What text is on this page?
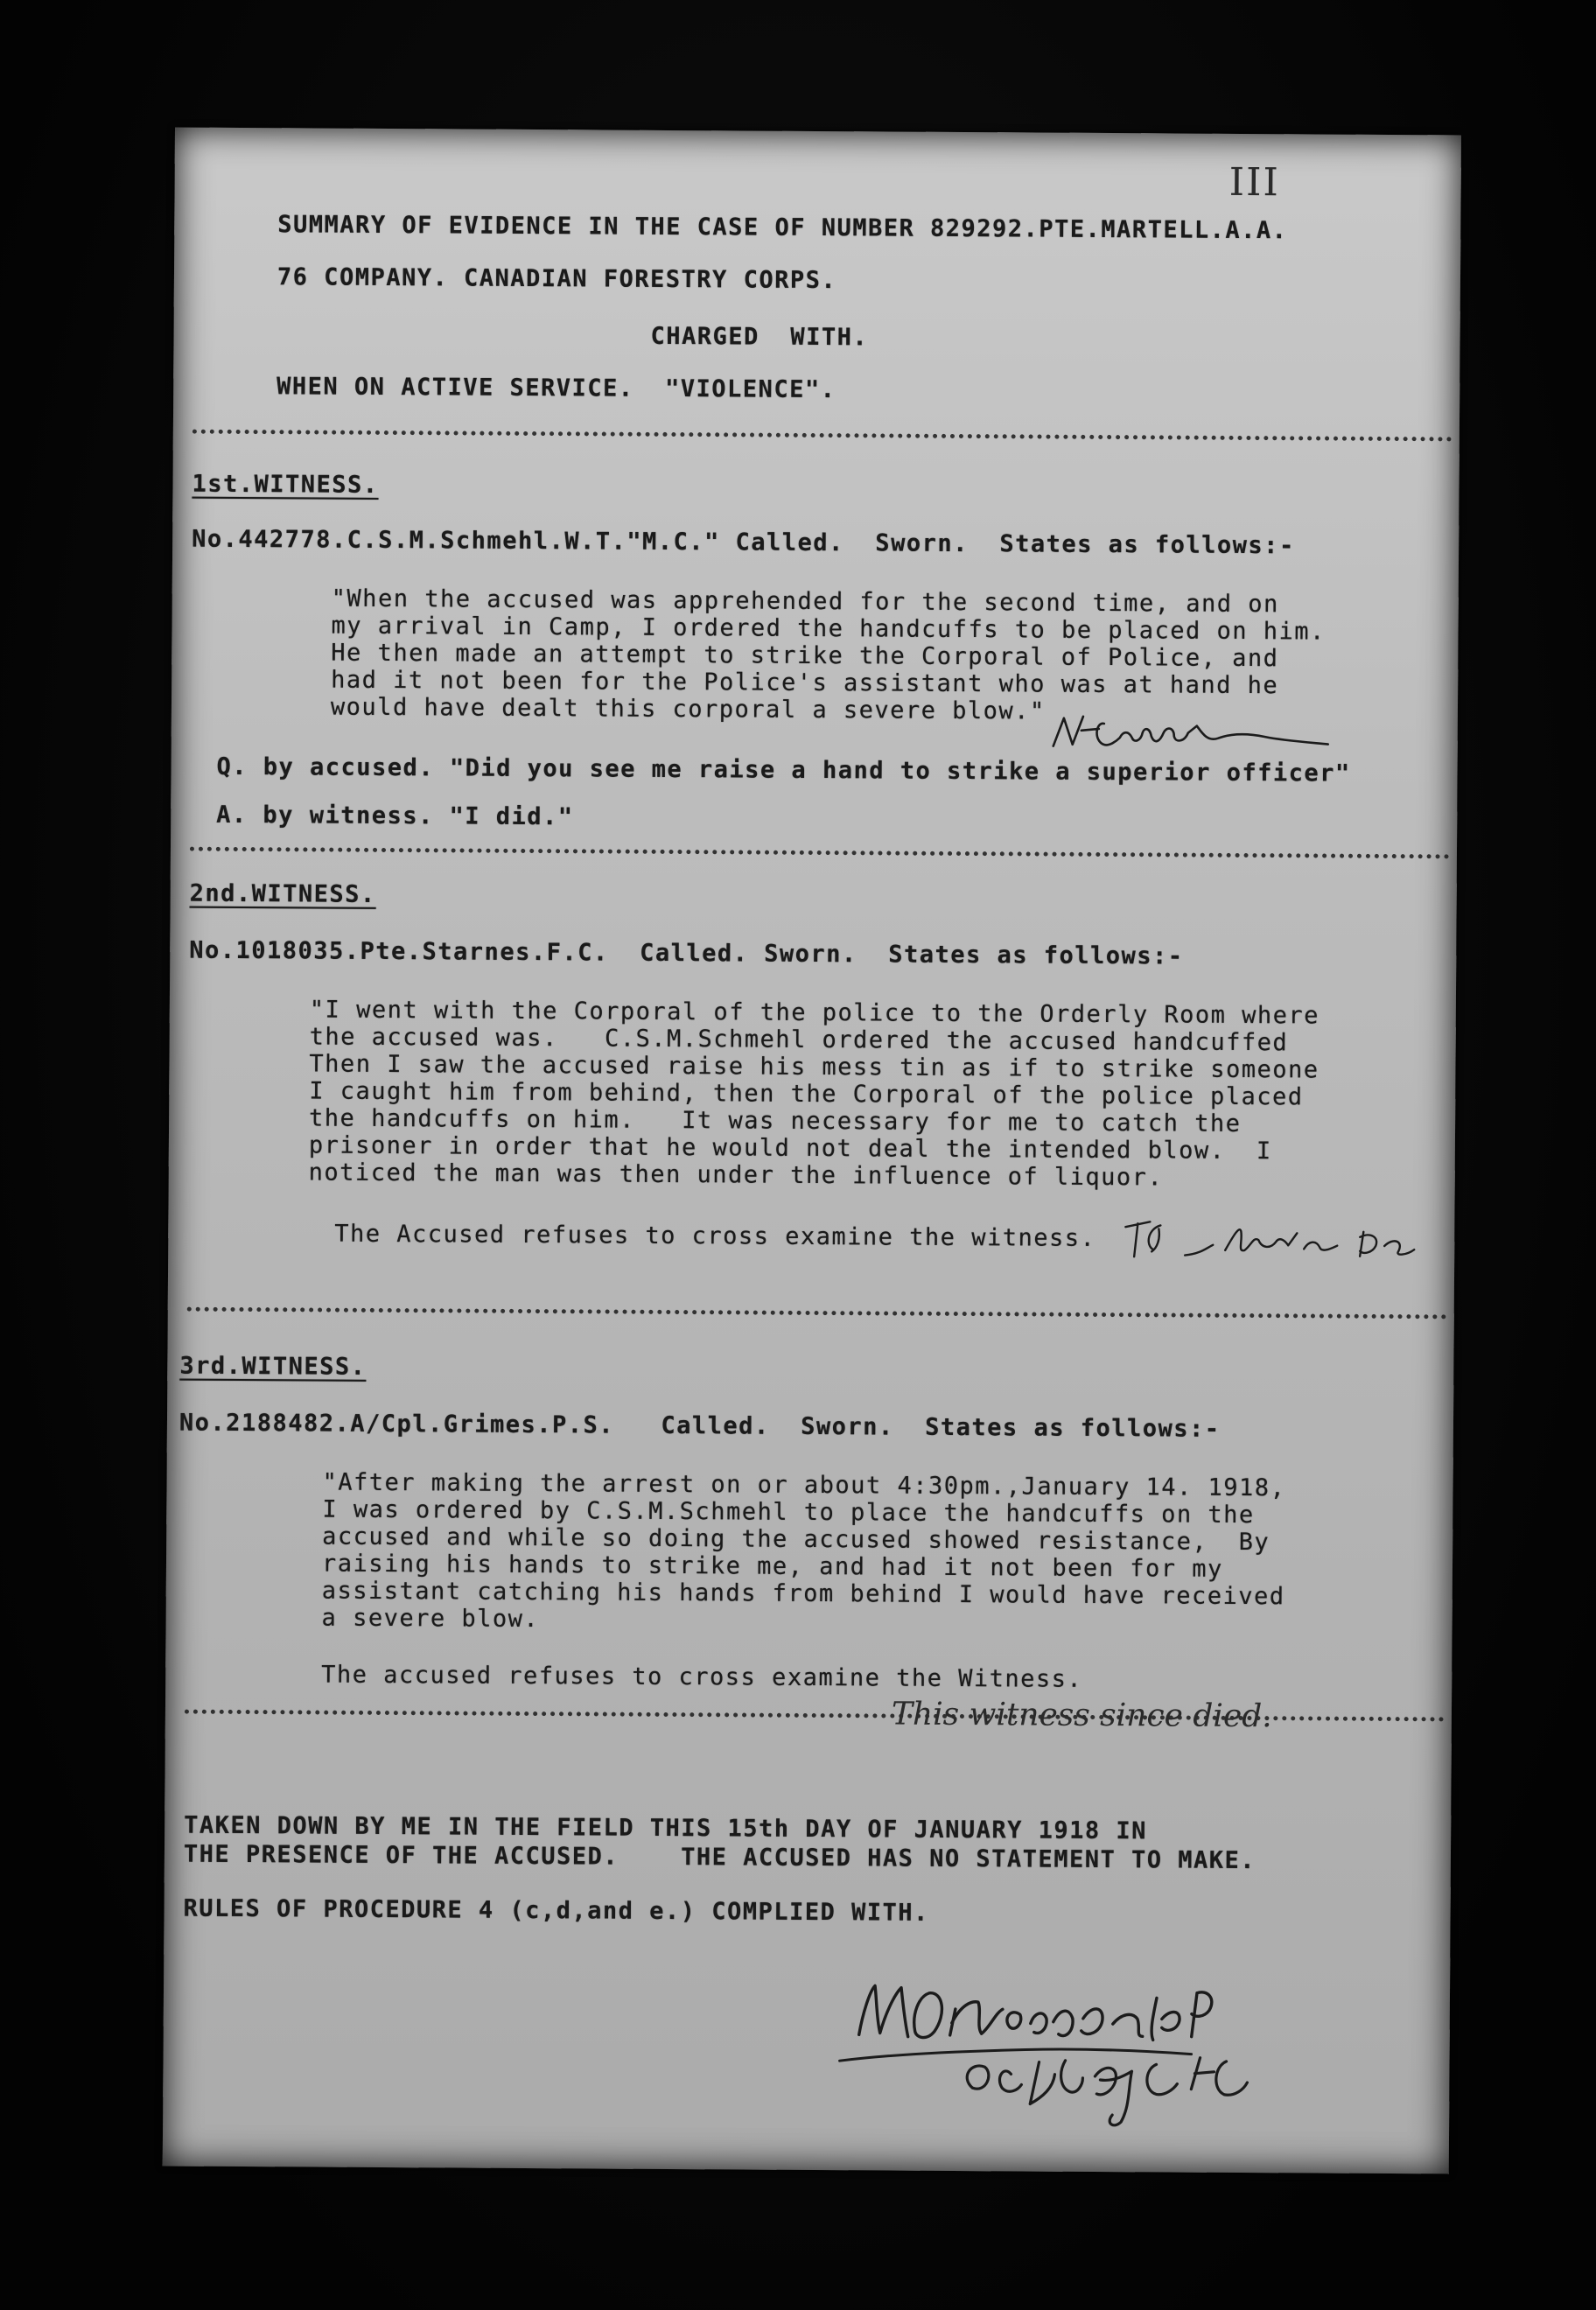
III
SUMMARY OF EVIDENCE IN THE CASE OF NUMBER 829292.PTE.MARTELL.A.A.
76 COMPANY. CANADIAN FORESTRY CORPS.
CHARGED  WITH.
WHEN ON ACTIVE SERVICE.  "VIOLENCE".
1st.WITNESS.
No.442778.C.S.M.Schmehl.W.T."M.C." Called.  Sworn.  States as follows:-
"When the accused was apprehended for the second time, and on
my arrival in Camp, I ordered the handcuffs to be placed on him.
He then made an attempt to strike the Corporal of Police, and
had it not been for the Police's assistant who was at hand he
would have dealt this corporal a severe blow."
Q. by accused. "Did you see me raise a hand to strike a superior officer"
A. by witness. "I did."
2nd.WITNESS.
No.1018035.Pte.Starnes.F.C.  Called. Sworn.  States as follows:-
"I went with the Corporal of the police to the Orderly Room where
the accused was.   C.S.M.Schmehl ordered the accused handcuffed
Then I saw the accused raise his mess tin as if to strike someone
I caught him from behind, then the Corporal of the police placed
the handcuffs on him.   It was necessary for me to catch the
prisoner in order that he would not deal the intended blow.  I
noticed the man was then under the influence of liquor.
The Accused refuses to cross examine the witness.
3rd.WITNESS.
No.2188482.A/Cpl.Grimes.P.S.   Called.  Sworn.  States as follows:-
"After making the arrest on or about 4:30pm.,January 14. 1918,
I was ordered by C.S.M.Schmehl to place the handcuffs on the
accused and while so doing the accused showed resistance,  By
raising his hands to strike me, and had it not been for my
assistant catching his hands from behind I would have received
a severe blow.
The accused refuses to cross examine the Witness.
This witness since died.
TAKEN DOWN BY ME IN THE FIELD THIS 15th DAY OF JANUARY 1918 IN
THE PRESENCE OF THE ACCUSED.    THE ACCUSED HAS NO STATEMENT TO MAKE.
RULES OF PROCEDURE 4 (c,d,and e.) COMPLIED WITH.
